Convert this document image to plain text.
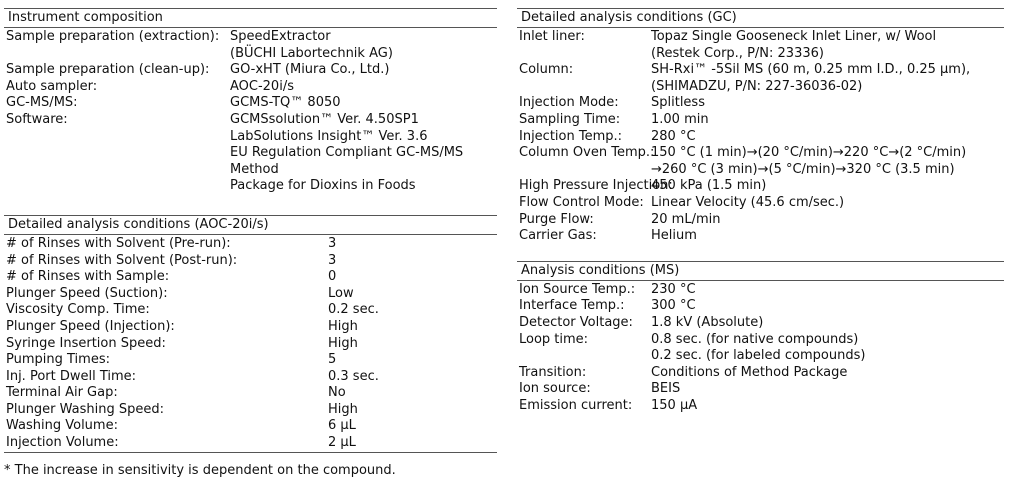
Instrument composition
Sample preparation (extraction): SpeedExtractor
(BÜCHI Labortechnik AG)
Sample preparation (clean-up):	GO-xHT (Miura Co., Ltd.)
Auto sampler:	AOC-20i/s
GC-MS/MS:	GCMS-TQ™ 8050
Software:	GCMSsolution™ Ver. 4.50SP1
LabSolutions Insight™ Ver. 3.6
EU Regulation Compliant GC-MS/MS
Method
Package for Dioxins in Foods
Detailed analysis conditions (AOC-20i/s)
# of Rinses with Solvent (Pre-run):	3
# of Rinses with Solvent (Post-run):	3
# of Rinses with Sample:	0
Plunger Speed (Suction):	Low
Viscosity Comp. Time:	0.2 sec.
Plunger Speed (Injection):	High
Syringe Insertion Speed:	High
Pumping Times:	5
Inj. Port Dwell Time:	0.3 sec.
Terminal Air Gap:	No
Plunger Washing Speed:	High
Washing Volume:	6 µL
Injection Volume:	2 µL
Detailed analysis conditions (GC)
Inlet liner:	Topaz Single Gooseneck Inlet Liner, w/ Wool
(Restek Corp., P/N: 23336)
Column:	SH-Rxi™ -5Sil MS (60 m, 0.25 mm I.D., 0.25 µm),
(SHIMADZU, P/N: 227-36036-02)
Injection Mode:	Splitless
Sampling Time:	1.00 min
Injection Temp.:	280 °C
Column Oven Temp.:
150 °C (1 min)→(20 °C/min)→220 °C→(2 °C/min)
→260 °C (3 min)→(5 °C/min)→320 °C (3.5 min)
High Pressure Injection:
450 kPa (1.5 min)
Flow Control Mode: Linear Velocity (45.6 cm/sec.)
Purge Flow:	20 mL/min
Carrier Gas:	Helium
Analysis conditions (MS)
Ion Source Temp.:	230 °C
Interface Temp.:	300 °C
Detector Voltage:	1.8 kV (Absolute)
Loop time:	0.8 sec. (for native compounds)
0.2 sec. (for labeled compounds)
Transition:	Conditions of Method Package
Ion source:	BEIS
Emission current:	150 µA
* The increase in sensitivity is dependent on the compound.
